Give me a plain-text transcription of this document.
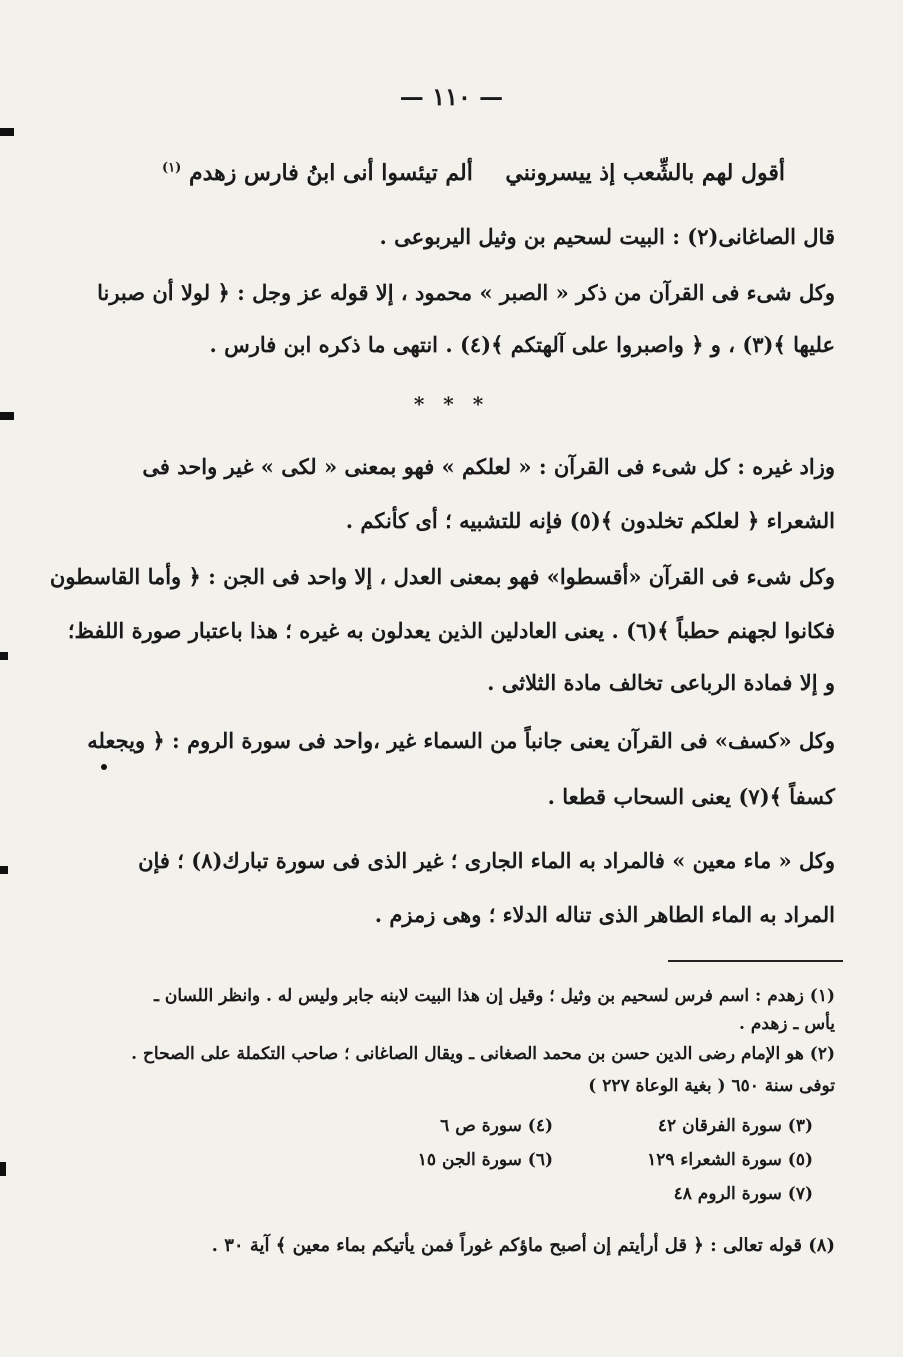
— ١١٠ —
أقول لهم بالشِّعب إذ ييسرونني
ألم تيئسوا أنى ابنُ فارس زهدم $^{(١)}$
قال الصاغانى(٢) : البيت لسحيم بن وثيل اليربوعى .
وكل شىء فى القرآن من ذكر « الصبر » محمود ، إلا قوله عز وجل : ﴿ لولا أن صبرنا
عليها ﴾(٣) ، و ﴿ واصبروا على آلهتكم ﴾(٤) . انتهى ما ذكره ابن فارس .
* * *
وزاد غيره : كل شىء فى القرآن : « لعلكم » فهو بمعنى « لكى » غير واحد فى
الشعراء ﴿ لعلكم تخلدون ﴾(٥) فإنه للتشبيه ؛ أى كأنكم .
وكل شىء فى القرآن «أقسطوا» فهو بمعنى العدل ، إلا واحد فى الجن : ﴿ وأما القاسطون
فكانوا لجهنم حطباً ﴾(٦) . يعنى العادلين الذين يعدلون به غيره ؛ هذا باعتبار صورة اللفظ؛
و إلا فمادة الرباعى تخالف مادة الثلاثى .
وكل «كسف» فى القرآن يعنى جانباً من السماء غير ،واحد فى سورة الروم : ﴿ ويجعله
كسفاً ﴾(٧) يعنى السحاب قطعا .
وكل « ماء معين » فالمراد به الماء الجارى ؛ غير الذى فى سورة تبارك(٨) ؛ فإن
المراد به الماء الطاهر الذى تناله الدلاء ؛ وهى زمزم .
(١) زهدم : اسم فرس لسحيم بن وثيل ؛ وقيل إن هذا البيت لابنه جابر وليس له . وانظر اللسان ـ
يأس ـ زهدم .
(٢) هو الإمام رضى الدين حسن بن محمد الصغانى ـ ويقال الصاغانى ؛ صاحب التكملة على الصحاح .
توفى سنة ٦٥٠ ( بغية الوعاة ٢٢٧ )
(٣) سورة الفرقان ٤٢
(٤) سورة ص ٦
(٥) سورة الشعراء ١٢٩
(٦) سورة الجن ١٥
(٧) سورة الروم ٤٨
(٨) قوله تعالى : ﴿ قل أرأيتم إن أصبح ماؤكم غوراً فمن يأتيكم بماء معين ﴾ آية ٣٠ .
